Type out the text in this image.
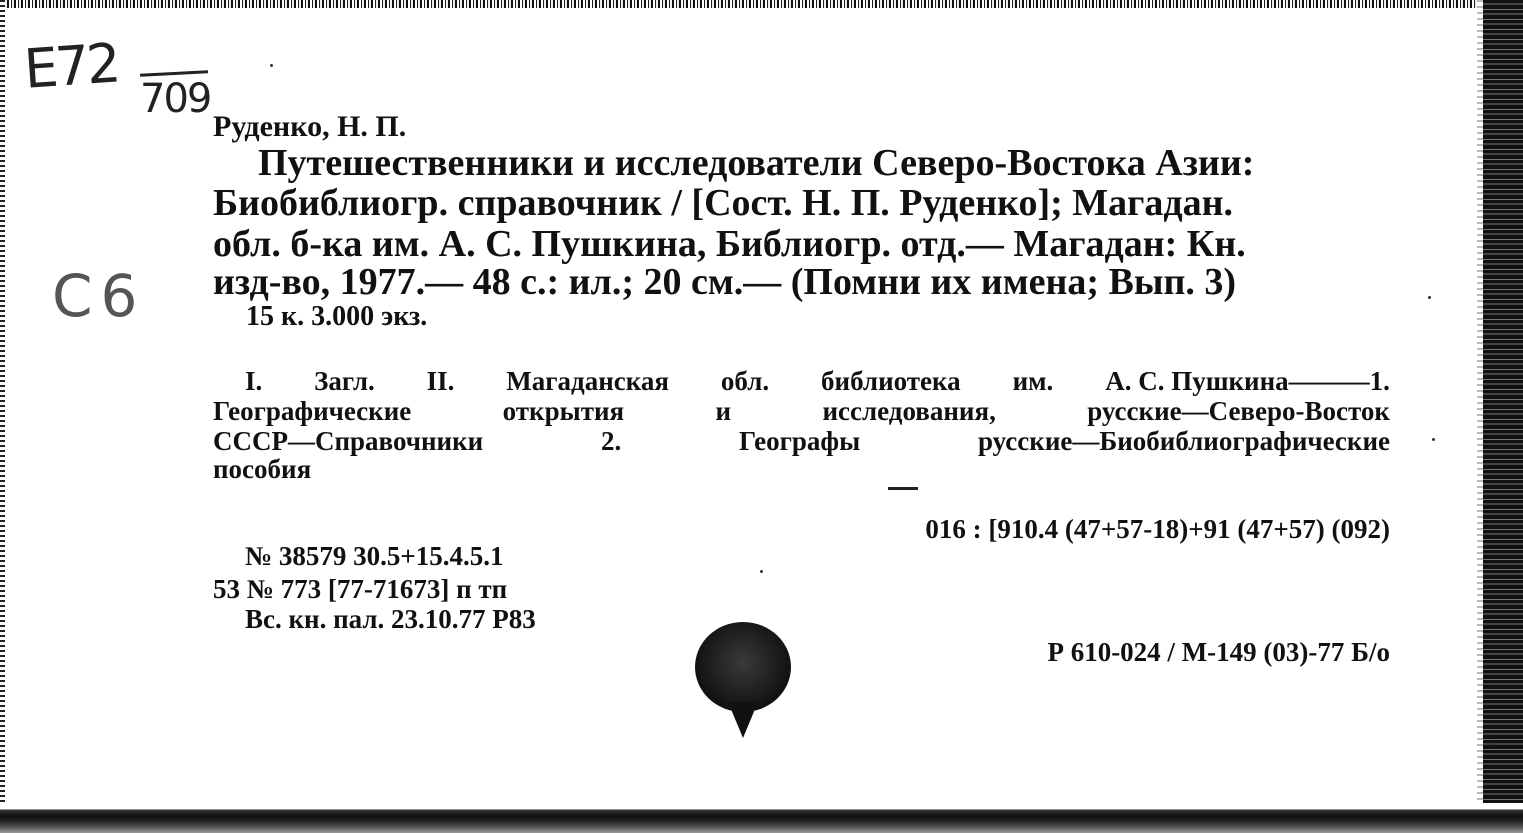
Е72 709
С6
Руденко, Н. П.
Путешественники и исследователи Северо-Востока Азии:
Биобиблиогр. справочник / [Сост. Н. П. Руденко]; Магадан.
обл. б-ка им. А. С. Пушкина, Библиогр. отд.— Магадан: Кн.
изд-во, 1977.— 48 с.: ил.; 20 см.— (Помни их имена; Вып. 3)
15 к. 3.000 экз.
I. Загл. II. Магаданская обл. библиотека им. А. С. Пушкина———1.
Географические	открытия	и	исследования,	русские—Северо-Восток
СССР—Справочники	2.	Географы	русские—Биобиблиографические
пособия
016 : [910.4 (47+57-18)+91 (47+57) (092)
№ 38579 30.5+15.4.5.1
53 № 773 [77-71673] п тп
Вс. кн. пал. 23.10.77 Р83
Р 610-024 / М-149 (03)-77 Б/о
